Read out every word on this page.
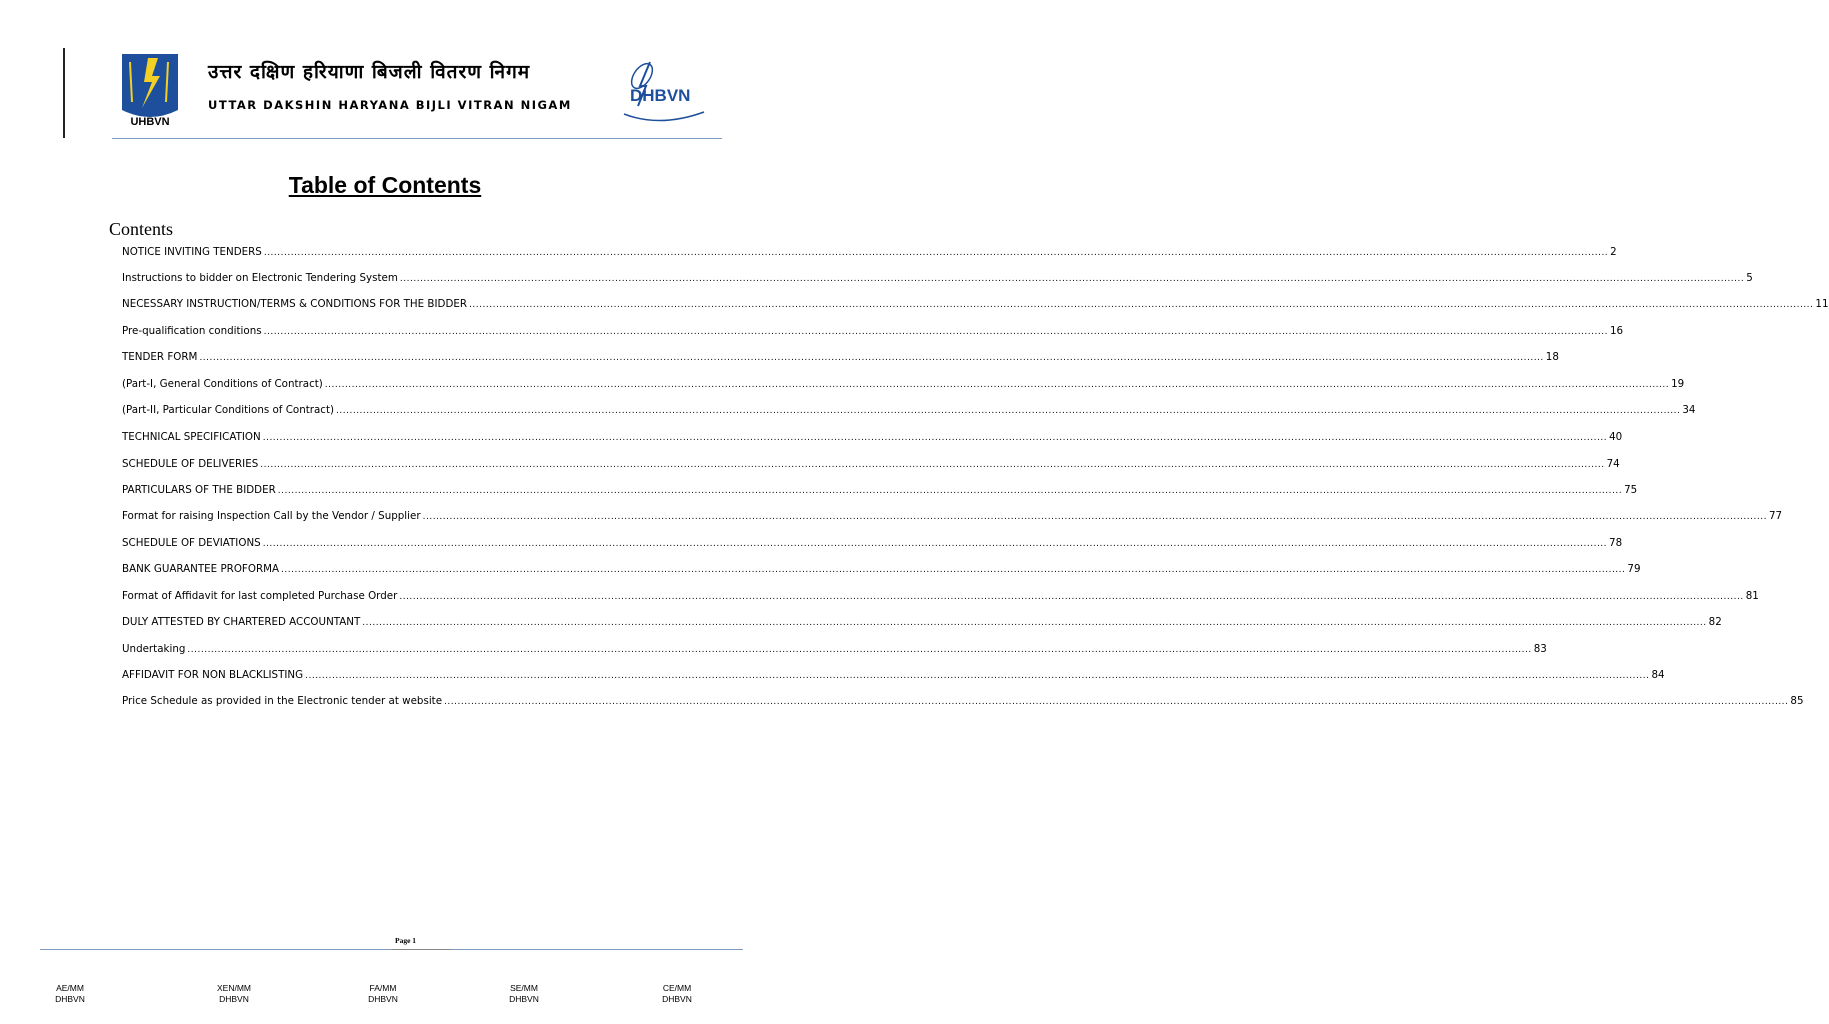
UHBVN
उत्तर दक्षिण हरियाणा बिजली वितरण निगम
UTTAR DAKSHIN HARYANA BIJLI VITRAN NIGAM	DHBVN
Table of Contents
Contents
NOTICE INVITING TENDERS ................................................................................................................................................................................................................................................................................................................................................................................................................ 2
Instructions to bidder on Electronic Tendering System ................................................................................................................................................................................................................................................................................................................................................................................................................ 5
NECESSARY INSTRUCTION/TERMS & CONDITIONS FOR THE BIDDER ................................................................................................................................................................................................................................................................................................................................................................................................................ 11
Pre-qualification conditions ................................................................................................................................................................................................................................................................................................................................................................................................................ 16
TENDER FORM ................................................................................................................................................................................................................................................................................................................................................................................................................ 18
(Part-I, General Conditions of Contract) ................................................................................................................................................................................................................................................................................................................................................................................................................ 19
(Part-II, Particular Conditions of Contract) ................................................................................................................................................................................................................................................................................................................................................................................................................ 34
TECHNICAL SPECIFICATION ................................................................................................................................................................................................................................................................................................................................................................................................................ 40
SCHEDULE OF DELIVERIES ................................................................................................................................................................................................................................................................................................................................................................................................................ 74
PARTICULARS OF THE BIDDER ................................................................................................................................................................................................................................................................................................................................................................................................................ 75
Format for raising Inspection Call by the Vendor / Supplier ................................................................................................................................................................................................................................................................................................................................................................................................................ 77
SCHEDULE OF DEVIATIONS ................................................................................................................................................................................................................................................................................................................................................................................................................ 78
BANK GUARANTEE PROFORMA ................................................................................................................................................................................................................................................................................................................................................................................................................ 79
Format of Affidavit for last completed Purchase Order ................................................................................................................................................................................................................................................................................................................................................................................................................ 81
DULY ATTESTED BY CHARTERED ACCOUNTANT ................................................................................................................................................................................................................................................................................................................................................................................................................ 82
Undertaking ................................................................................................................................................................................................................................................................................................................................................................................................................ 83
AFFIDAVIT FOR NON BLACKLISTING ................................................................................................................................................................................................................................................................................................................................................................................................................ 84
Price Schedule as provided in the Electronic tender at website ................................................................................................................................................................................................................................................................................................................................................................................................................ 85
Page 1
AE/MM
DHBVN
XEN/MM
DHBVN
FA/MM
DHBVN
SE/MM
DHBVN
CE/MM
DHBVN
